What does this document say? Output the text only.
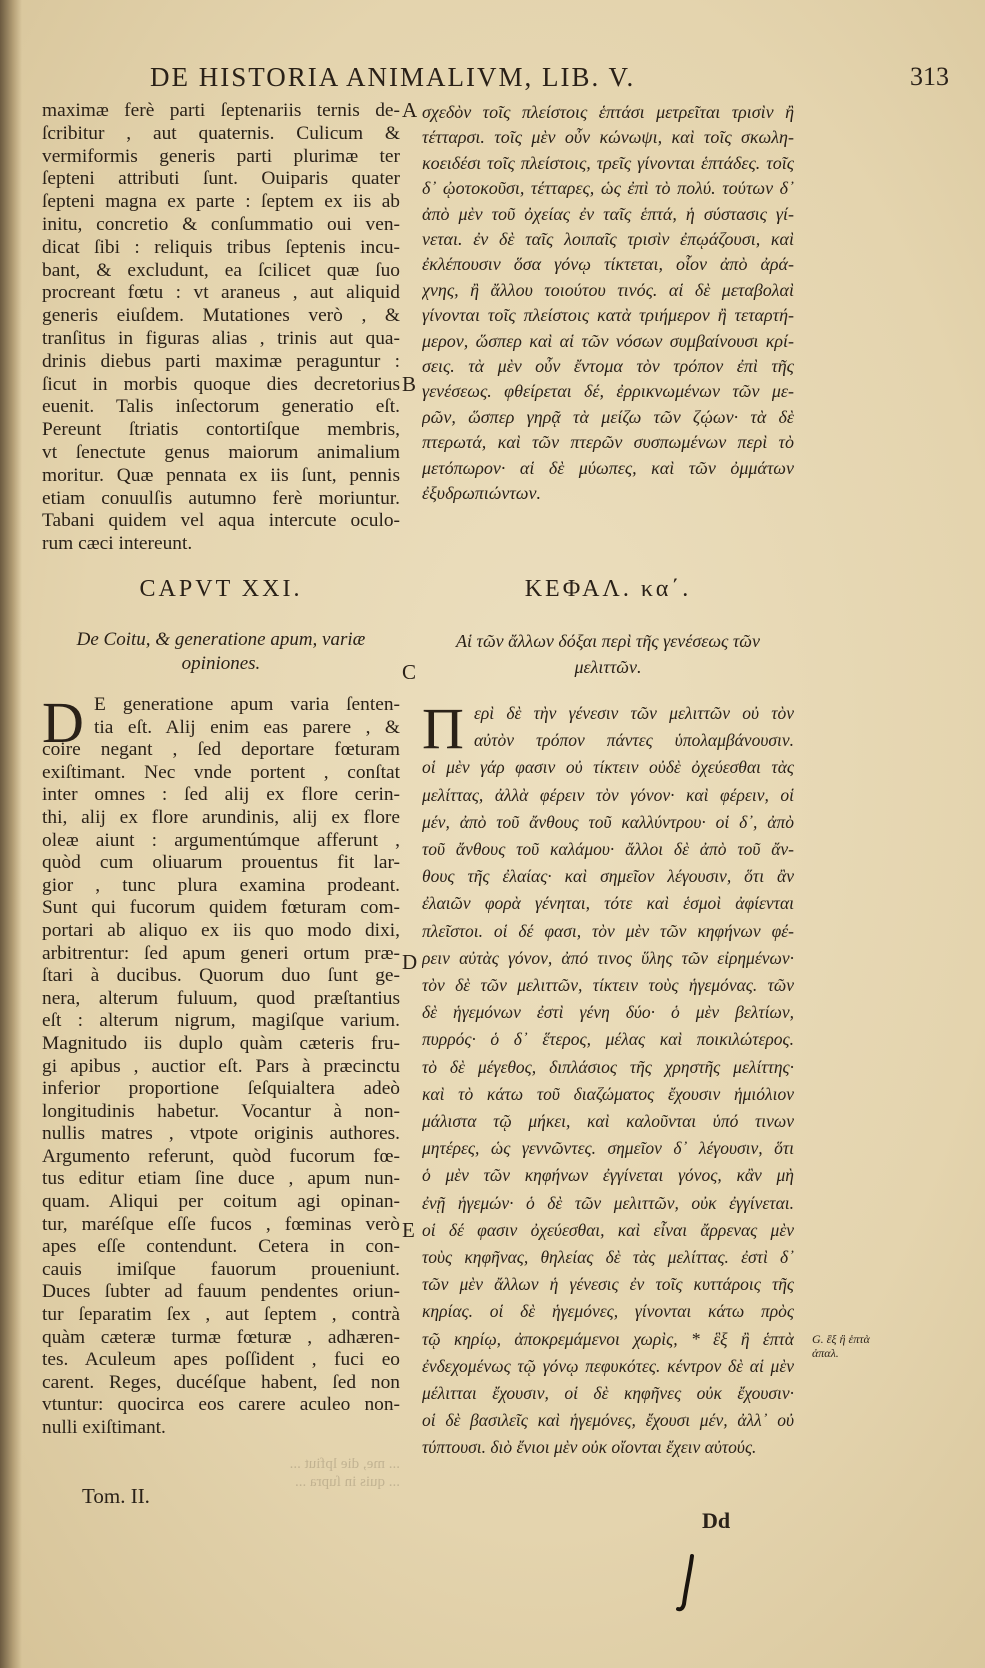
DE HISTORIA ANIMALIVM, LIB. V.	313
maximæ ferè parti ſeptenariis ternis de-
ſcribitur , aut quaternis. Culicum &
vermiformis generis parti plurimæ ter
ſepteni attributi ſunt. Ouiparis quater
ſepteni magna ex parte : ſeptem ex iis ab
initu, concretio & conſummatio oui ven-
dicat ſibi : reliquis tribus ſeptenis incu-
bant, & excludunt, ea ſcilicet quæ ſuo
procreant fœtu : vt araneus , aut aliquid
generis eiuſdem. Mutationes verò , &
tranſitus in figuras alias , trinis aut qua-
drinis diebus parti maximæ peraguntur :
ſicut in morbis quoque dies decretorius
euenit. Talis inſectorum generatio eſt.
Pereunt ſtriatis contortiſque membris,
vt ſenectute genus maiorum animalium
moritur. Quæ pennata ex iis ſunt, pennis
etiam conuulſis autumno ferè moriuntur.
Tabani quidem vel aqua intercute oculo-
rum cæci intereunt.
σχεδὸν τοῖς πλείστοις ἑπτάσι μετρεῖται τρισὶν ἢ
τέτταρσι. τοῖς μὲν οὖν κώνωψι, καὶ τοῖς σκωλη-
κοειδέσι τοῖς πλείστοις, τρεῖς γίνονται ἑπτάδες. τοῖς
δ᾽ ᾠοτοκοῦσι, τέτταρες, ὡς ἐπὶ τὸ πολύ. τούτων δ᾽
ἀπὸ μὲν τοῦ ὀχείας ἐν ταῖς ἑπτά, ἡ σύστασις γί-
νεται. ἐν δὲ ταῖς λοιπαῖς τρισὶν ἐπῳάζουσι, καὶ
ἐκλέπουσιν ὅσα γόνῳ τίκτεται, οἷον ἀπὸ ἀρά-
χνης, ἢ ἄλλου τοιούτου τινός. αἱ δὲ μεταβολαὶ
γίνονται τοῖς πλείστοις κατὰ τριήμερον ἢ τεταρτή-
μερον, ὥσπερ καὶ αἱ τῶν νόσων συμβαίνουσι κρί-
σεις. τὰ μὲν οὖν ἔντομα τὸν τρόπον ἐπὶ τῆς
γενέσεως. φθείρεται δέ, ἐρρικνωμένων τῶν με-
ρῶν, ὥσπερ γηρᾷ τὰ μείζω τῶν ζῴων· τὰ δὲ
πτερωτά, καὶ τῶν πτερῶν συσπωμένων περὶ τὸ
μετόπωρον· αἱ δὲ μύωπες, καὶ τῶν ὀμμάτων
ἐξυδρωπιώντων.
A
B
C
D
E
CAPVT XXI.	ΚΕΦΑΛ. κα΄.
De Coitu, & generatione apum, variæ
opiniones.
Αἱ τῶν ἄλλων δόξαι περὶ τῆς γενέσεως τῶν
μελιττῶν.
D E generatione apum varia ſenten-
tia eſt. Alij enim eas parere , &
coire negant , ſed deportare fœturam
exiſtimant. Nec vnde portent , conſtat
inter omnes : ſed alij ex flore cerin-
thi, alij ex flore arundinis, alij ex flore
oleæ aiunt : argumentúmque afferunt ,
quòd cum oliuarum prouentus fit lar-
gior , tunc plura examina prodeant.
Sunt qui fucorum quidem fœturam com-
portari ab aliquo ex iis quo modo dixi,
arbitrentur: ſed apum generi ortum præ-
ſtari à ducibus. Quorum duo ſunt ge-
nera, alterum fuluum, quod præſtantius
eſt : alterum nigrum, magiſque varium.
Magnitudo iis duplo quàm cæteris fru-
gi apibus , auctior eſt. Pars à præcinctu
inferior proportione ſeſquialtera adeò
longitudinis habetur. Vocantur à non-
nullis matres , vtpote originis authores.
Argumento referunt, quòd fucorum fœ-
tus editur etiam ſine duce , apum nun-
quam. Aliqui per coitum agi opinan-
tur, maréſque eſſe fucos , fœminas verò
apes eſſe contendunt. Cetera in con-
cauis imiſque fauorum proueniunt.
Duces ſubter ad fauum pendentes oriun-
tur ſeparatim ſex , aut ſeptem , contrà
quàm cæteræ turmæ fœturæ , adhæren-
tes. Aculeum apes poſſident , fuci eo
carent. Reges, ducéſque habent, ſed non
vtuntur: quocirca eos carere aculeo non-
nulli exiſtimant.
Π ερὶ δὲ τὴν γένεσιν τῶν μελιττῶν οὐ τὸν
αὐτὸν τρόπον πάντες ὑπολαμβάνουσιν.
οἱ μὲν γάρ φασιν οὐ τίκτειν οὐδὲ ὀχεύεσθαι τὰς
μελίττας, ἀλλὰ φέρειν τὸν γόνον· καὶ φέρειν, οἱ
μέν, ἀπὸ τοῦ ἄνθους τοῦ καλλύντρου· οἱ δ᾽, ἀπὸ
τοῦ ἄνθους τοῦ καλάμου· ἄλλοι δὲ ἀπὸ τοῦ ἄν-
θους τῆς ἐλαίας· καὶ σημεῖον λέγουσιν, ὅτι ἂν
ἐλαιῶν φορὰ γένηται, τότε καὶ ἑσμοὶ ἀφίενται
πλεῖστοι. οἱ δέ φασι, τὸν μὲν τῶν κηφήνων φέ-
ρειν αὐτὰς γόνον, ἀπό τινος ὕλης τῶν εἰρημένων·
τὸν δὲ τῶν μελιττῶν, τίκτειν τοὺς ἡγεμόνας. τῶν
δὲ ἡγεμόνων ἐστὶ γένη δύο· ὁ μὲν βελτίων,
πυρρός· ὁ δ᾽ ἕτερος, μέλας καὶ ποικιλώτερος.
τὸ δὲ μέγεθος, διπλάσιος τῆς χρηστῆς μελίττης·
καὶ τὸ κάτω τοῦ διαζώματος ἔχουσιν ἡμιόλιον
μάλιστα τῷ μήκει, καὶ καλοῦνται ὑπό τινων
μητέρες, ὡς γεννῶντες. σημεῖον δ᾽ λέγουσιν, ὅτι
ὁ μὲν τῶν κηφήνων ἐγγίνεται γόνος, κἂν μὴ
ἐνῇ ἡγεμών· ὁ δὲ τῶν μελιττῶν, οὐκ ἐγγίνεται.
οἱ δέ φασιν ὀχεύεσθαι, καὶ εἶναι ἄρρενας μὲν
τοὺς κηφῆνας, θηλείας δὲ τὰς μελίττας. ἐστὶ δ᾽
τῶν μὲν ἄλλων ἡ γένεσις ἐν τοῖς κυττάροις τῆς
κηρίας. οἱ δὲ ἡγεμόνες, γίνονται κάτω πρὸς
τῷ κηρίῳ, ἀποκρεμάμενοι χωρὶς, * ἓξ ἢ ἑπτὰ
ἐνδεχομένως τῷ γόνῳ πεφυκότες. κέντρον δὲ αἱ μὲν
μέλιτται ἔχουσιν, οἱ δὲ κηφῆνες οὐκ ἔχουσιν·
οἱ δὲ βασιλεῖς καὶ ἡγεμόνες, ἔχουσι μέν, ἀλλ᾽ οὐ
τύπτουσι. διὸ ἔνιοι μὲν οὐκ οἴονται ἔχειν αὐτούς.
G. ἓξ ἢ ἑπτὰ ἀπαλ.
... me, die lpfiut ...
... quis in ſupra ...
Tom. II.
Dd
